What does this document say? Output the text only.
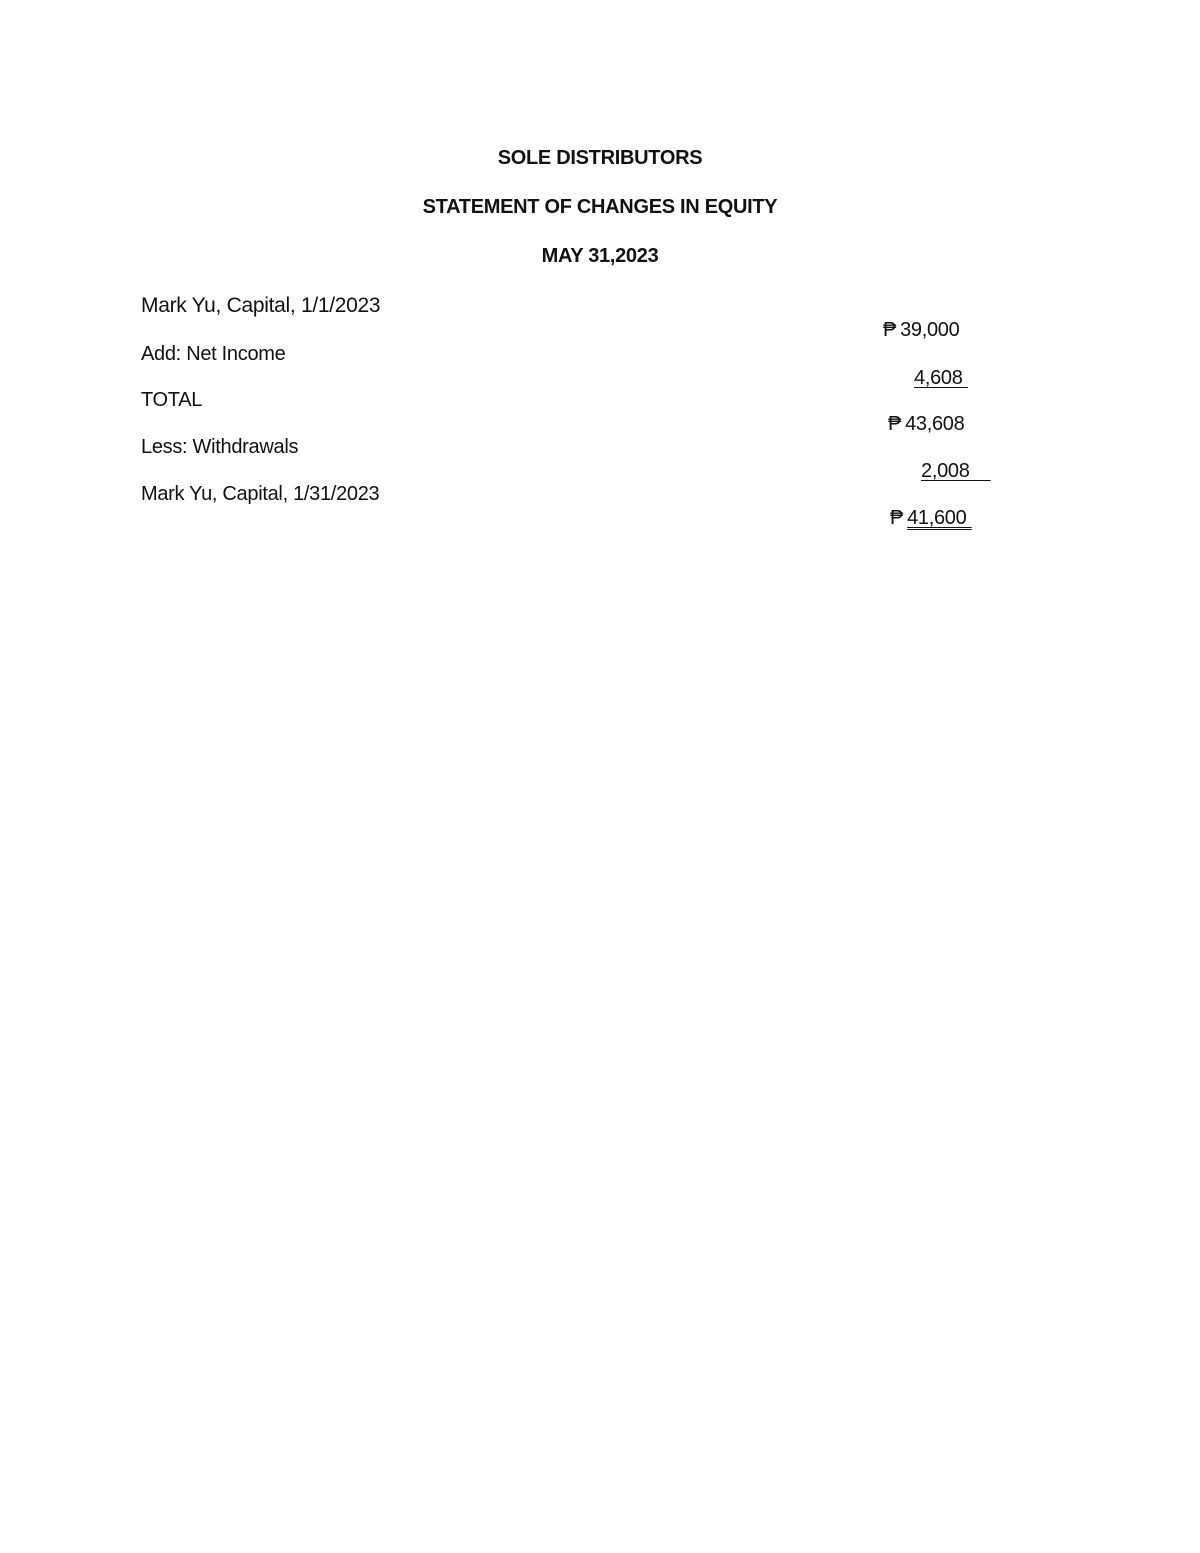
SOLE DISTRIBUTORS
STATEMENT OF CHANGES IN EQUITY
MAY 31,2023
Mark Yu, Capital, 1/1/2023

₱ 39,000

Add: Net Income

4,608

TOTAL

₱ 43,608

Less: Withdrawals

2,008

Mark Yu, Capital, 1/31/2023

₱ 41,600
